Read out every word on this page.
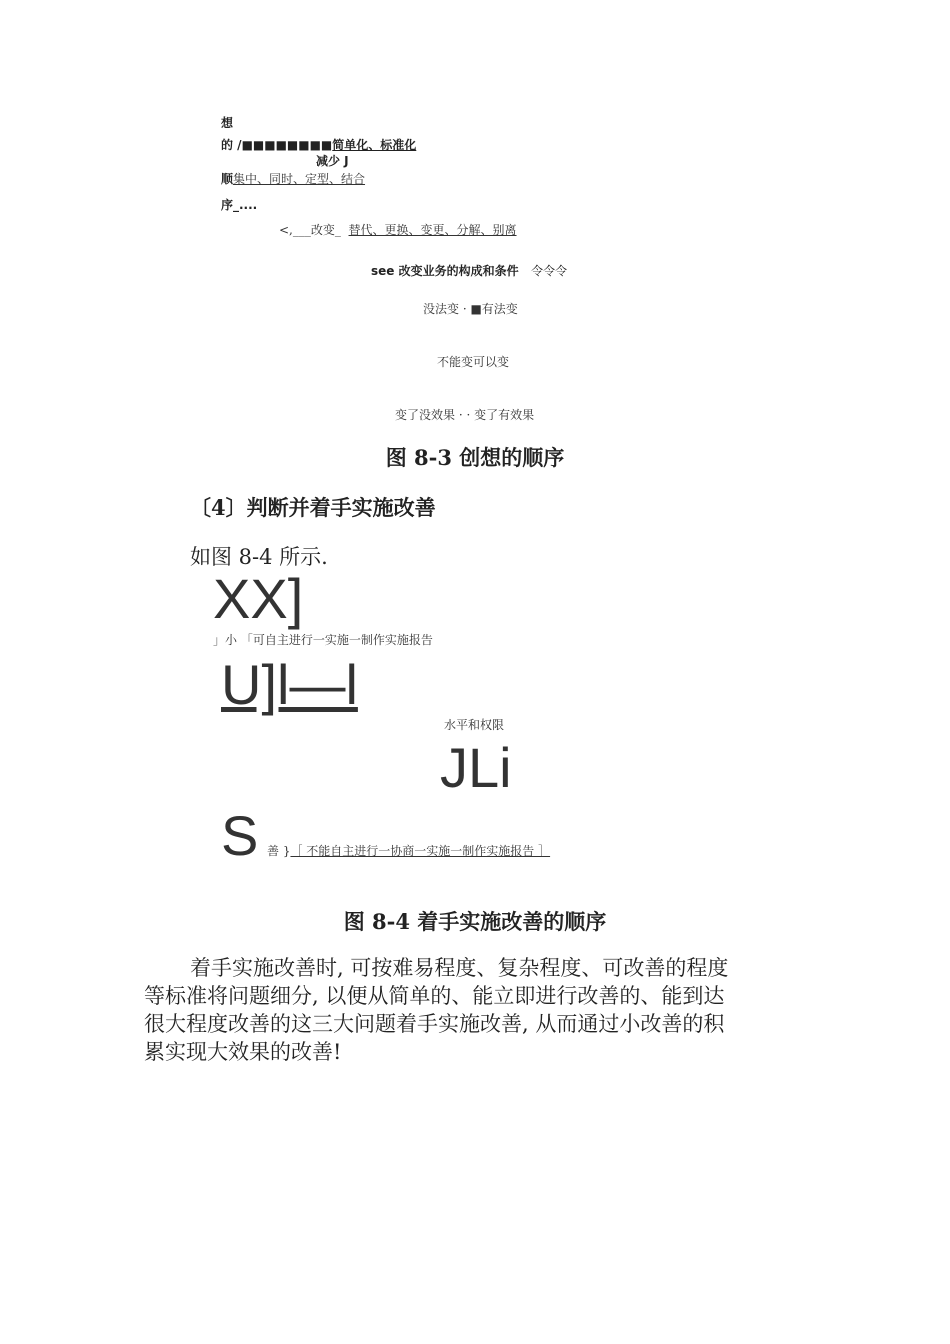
想
的 /■■■■■■■■简单化、标准化
减少 J
顺集中、同时、定型、结合
序_....
<,___改变_ 替代、更换、变更、分解、别离
see 改变业务的构成和条件 令令令
没法变 · ■有法变
不能变可以变
变了没效果 · · 变了有效果
图 8-3 创想的顺序
〔4〕判断并着手实施改善
如图 8-4 所示.
XX]
」小 「可自主进行一实施一制作实施报告
U]l—l
水平和权限
JLi
S 善 }［ 不能自主进行一协商一实施一制作实施报告 ］
图 8-4 着手实施改善的顺序
着手实施改善时, 可按难易程度、复杂程度、可改善的程度
等标准将问题细分, 以便从简单的、能立即进行改善的、能到达
很大程度改善的这三大问题着手实施改善, 从而通过小改善的积
累实现大效果的改善!
